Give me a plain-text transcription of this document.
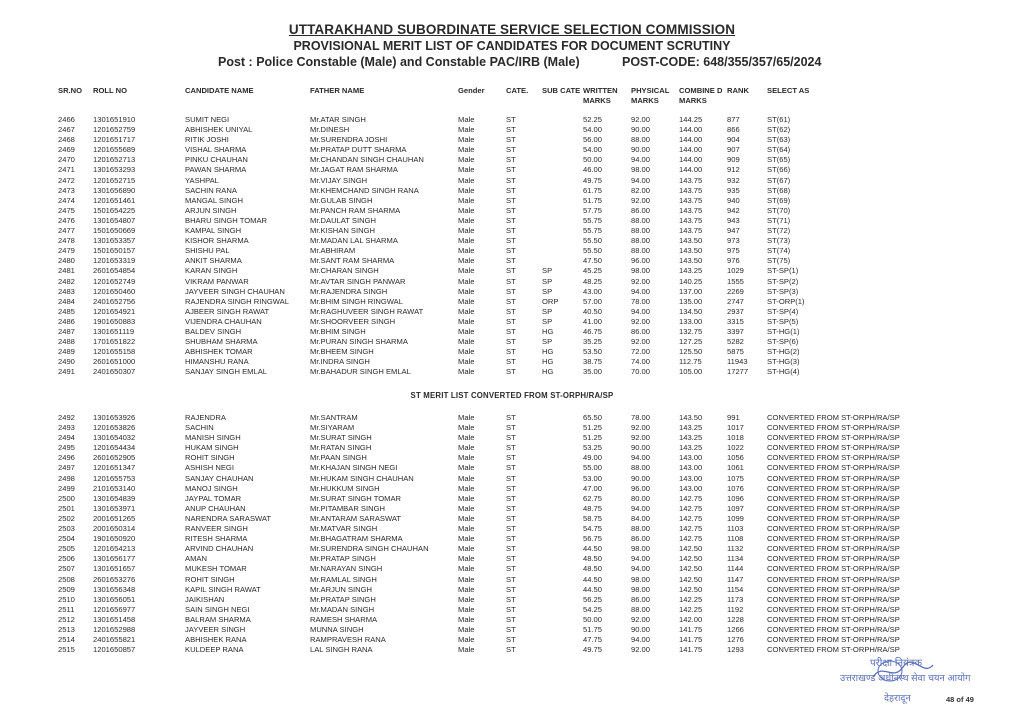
UTTARAKHAND SUBORDINATE SERVICE SELECTION COMMISSION
PROVISIONAL MERIT LIST OF CANDIDATES FOR DOCUMENT SCRUTINY
Post : Police Constable (Male) and Constable PAC/IRB (Male)	POST-CODE: 648/355/357/65/2024
SR.NO	ROLL NO	CANDIDATE NAME	FATHER NAME	Gender	CATE.	SUB CATE	WRITTEN MARKS	PHYSICAL MARKS	COMBINE D MARKS	RANK	SELECT AS
2466	1301651910	SUMIT NEGI	Mr.ATAR SINGH	Male	ST		52.25	92.00	144.25	877	ST(61)
2467	1201652759	ABHISHEK UNIYAL	Mr.DINESH	Male	ST		54.00	90.00	144.00	866	ST(62)
2468	1201651717	RITIK JOSHI	Mr.SURENDRA JOSHI	Male	ST		56.00	88.00	144.00	904	ST(63)
2469	1201655689	VISHAL SHARMA	Mr.PRATAP DUTT SHARMA	Male	ST		54.00	90.00	144.00	907	ST(64)
2470	1201652713	PINKU CHAUHAN	Mr.CHANDAN SINGH CHAUHAN	Male	ST		50.00	94.00	144.00	909	ST(65)
2471	1301653293	PAWAN SHARMA	Mr.JAGAT RAM SHARMA	Male	ST		46.00	98.00	144.00	912	ST(66)
2472	1201652715	YASHPAL	Mr.VIJAY SINGH	Male	ST		49.75	94.00	143.75	932	ST(67)
2473	1301656890	SACHIN RANA	Mr.KHEMCHAND SINGH RANA	Male	ST		61.75	82.00	143.75	935	ST(68)
2474	1201651461	MANGAL SINGH	Mr.GULAB SINGH	Male	ST		51.75	92.00	143.75	940	ST(69)
2475	1501654225	ARJUN SINGH	Mr.PANCH RAM SHARMA	Male	ST		57.75	86.00	143.75	942	ST(70)
2476	1301654807	BHARU SINGH TOMAR	Mr.DAULAT SINGH	Male	ST		55.75	88.00	143.75	943	ST(71)
2477	1501650669	KAMPAL SINGH	Mr.KISHAN SINGH	Male	ST		55.75	88.00	143.75	947	ST(72)
2478	1301653357	KISHOR SHARMA	Mr.MADAN LAL SHARMA	Male	ST		55.50	88.00	143.50	973	ST(73)
2479	1501650157	SHISHU PAL	Mr.ABHIRAM	Male	ST		55.50	88.00	143.50	975	ST(74)
2480	1201653319	ANKIT SHARMA	Mr.SANT RAM SHARMA	Male	ST		47.50	96.00	143.50	976	ST(75)
2481	2601654854	KARAN SINGH	Mr.CHARAN SINGH	Male	ST	SP	45.25	98.00	143.25	1029	ST-SP(1)
2482	1201652749	VIKRAM PANWAR	Mr.AVTAR SINGH PANWAR	Male	ST	SP	48.25	92.00	140.25	1555	ST-SP(2)
2483	1201650460	JAYVEER SINGH CHAUHAN	Mr.RAJENDRA SINGH	Male	ST	SP	43.00	94.00	137.00	2269	ST-SP(3)
2484	2401652756	RAJENDRA SINGH RINGWAL	Mr.BHIM SINGH RINGWAL	Male	ST	ORP	57.00	78.00	135.00	2747	ST-ORP(1)
2485	1201654921	AJBEER SINGH RAWAT	Mr.RAGHUVEER SINGH RAWAT	Male	ST	SP	40.50	94.00	134.50	2937	ST-SP(4)
2486	1901650883	VIJENDRA CHAUHAN	Mr.SHOORVEER SINGH	Male	ST	SP	41.00	92.00	133.00	3315	ST-SP(5)
2487	1301651119	BALDEV SINGH	Mr.BHIM SINGH	Male	ST	HG	46.75	86.00	132.75	3397	ST-HG(1)
2488	1701651822	SHUBHAM SHARMA	Mr.PURAN SINGH SHARMA	Male	ST	SP	35.25	92.00	127.25	5282	ST-SP(6)
2489	1201655158	ABHISHEK TOMAR	Mr.BHEEM SINGH	Male	ST	HG	53.50	72.00	125.50	5875	ST-HG(2)
2490	2601651000	HIMANSHU RANA	Mr.INDRA SINGH	Male	ST	HG	38.75	74.00	112.75	11943	ST-HG(3)
2491	2401650307	SANJAY SINGH EMLAL	Mr.BAHADUR SINGH EMLAL	Male	ST	HG	35.00	70.00	105.00	17277	ST-HG(4)
ST MERIT LIST CONVERTED FROM ST-ORPH/RA/SP
2492	1301653926	RAJENDRA	Mr.SANTRAM	Male	ST		65.50	78.00	143.50	991	CONVERTED FROM ST-ORPH/RA/SP
2493	1201653826	SACHIN	Mr.SIYARAM	Male	ST		51.25	92.00	143.25	1017	CONVERTED FROM ST-ORPH/RA/SP
2494	1301654032	MANISH SINGH	Mr.SURAT SINGH	Male	ST		51.25	92.00	143.25	1018	CONVERTED FROM ST-ORPH/RA/SP
2495	1201654434	HUKAM SINGH	Mr.RATAN SINGH	Male	ST		53.25	90.00	143.25	1022	CONVERTED FROM ST-ORPH/RA/SP
2496	2601652905	ROHIT SINGH	Mr.PAAN SINGH	Male	ST		49.00	94.00	143.00	1056	CONVERTED FROM ST-ORPH/RA/SP
2497	1201651347	ASHISH NEGI	Mr.KHAJAN SINGH NEGI	Male	ST		55.00	88.00	143.00	1061	CONVERTED FROM ST-ORPH/RA/SP
2498	1201655753	SANJAY CHAUHAN	Mr.HUKAM SINGH CHAUHAN	Male	ST		53.00	90.00	143.00	1075	CONVERTED FROM ST-ORPH/RA/SP
2499	2101653140	MANOJ SINGH	Mr.HUKKUM SINGH	Male	ST		47.00	96.00	143.00	1076	CONVERTED FROM ST-ORPH/RA/SP
2500	1301654839	JAYPAL TOMAR	Mr.SURAT SINGH TOMAR	Male	ST		62.75	80.00	142.75	1096	CONVERTED FROM ST-ORPH/RA/SP
2501	1301653971	ANUP CHAUHAN	Mr.PITAMBAR SINGH	Male	ST		48.75	94.00	142.75	1097	CONVERTED FROM ST-ORPH/RA/SP
2502	2001651265	NARENDRA SARASWAT	Mr.ANTARAM SARASWAT	Male	ST		58.75	84.00	142.75	1099	CONVERTED FROM ST-ORPH/RA/SP
2503	2001650314	RANVEER SINGH	Mr.MATVAR SINGH	Male	ST		54.75	88.00	142.75	1103	CONVERTED FROM ST-ORPH/RA/SP
2504	1901650920	RITESH SHARMA	Mr.BHAGATRAM SHARMA	Male	ST		56.75	86.00	142.75	1108	CONVERTED FROM ST-ORPH/RA/SP
2505	1201654213	ARVIND CHAUHAN	Mr.SURENDRA SINGH CHAUHAN	Male	ST		44.50	98.00	142.50	1132	CONVERTED FROM ST-ORPH/RA/SP
2506	1301656177	AMAN	Mr.PRATAP SINGH	Male	ST		48.50	94.00	142.50	1134	CONVERTED FROM ST-ORPH/RA/SP
2507	1301651657	MUKESH TOMAR	Mr.NARAYAN SINGH	Male	ST		48.50	94.00	142.50	1144	CONVERTED FROM ST-ORPH/RA/SP
2508	2601653276	ROHIT SINGH	Mr.RAMLAL SINGH	Male	ST		44.50	98.00	142.50	1147	CONVERTED FROM ST-ORPH/RA/SP
2509	1301656348	KAPIL SINGH RAWAT	Mr.ARJUN SINGH	Male	ST		44.50	98.00	142.50	1154	CONVERTED FROM ST-ORPH/RA/SP
2510	1301656051	JAIKISHAN	Mr.PRATAP SINGH	Male	ST		56.25	86.00	142.25	1173	CONVERTED FROM ST-ORPH/RA/SP
2511	1201656977	SAIN SINGH NEGI	Mr.MADAN SINGH	Male	ST		54.25	88.00	142.25	1192	CONVERTED FROM ST-ORPH/RA/SP
2512	1301651458	BALRAM SHARMA	RAMESH SHARMA	Male	ST		50.00	92.00	142.00	1228	CONVERTED FROM ST-ORPH/RA/SP
2513	1201652988	JAYVEER SINGH	MUNNA SINGH	Male	ST		51.75	90.00	141.75	1266	CONVERTED FROM ST-ORPH/RA/SP
2514	2401655821	ABHISHEK RANA	RAMPRAVESH RANA	Male	ST		47.75	94.00	141.75	1276	CONVERTED FROM ST-ORPH/RA/SP
2515	1201650857	KULDEEP RANA	LAL SINGH RANA	Male	ST		49.75	92.00	141.75	1293	CONVERTED FROM ST-ORPH/RA/SP
परीक्षा नियंत्रक
उत्तराखण्ड अधीनस्थ सेवा चयन आयोग
देहरादून	48 of 49
